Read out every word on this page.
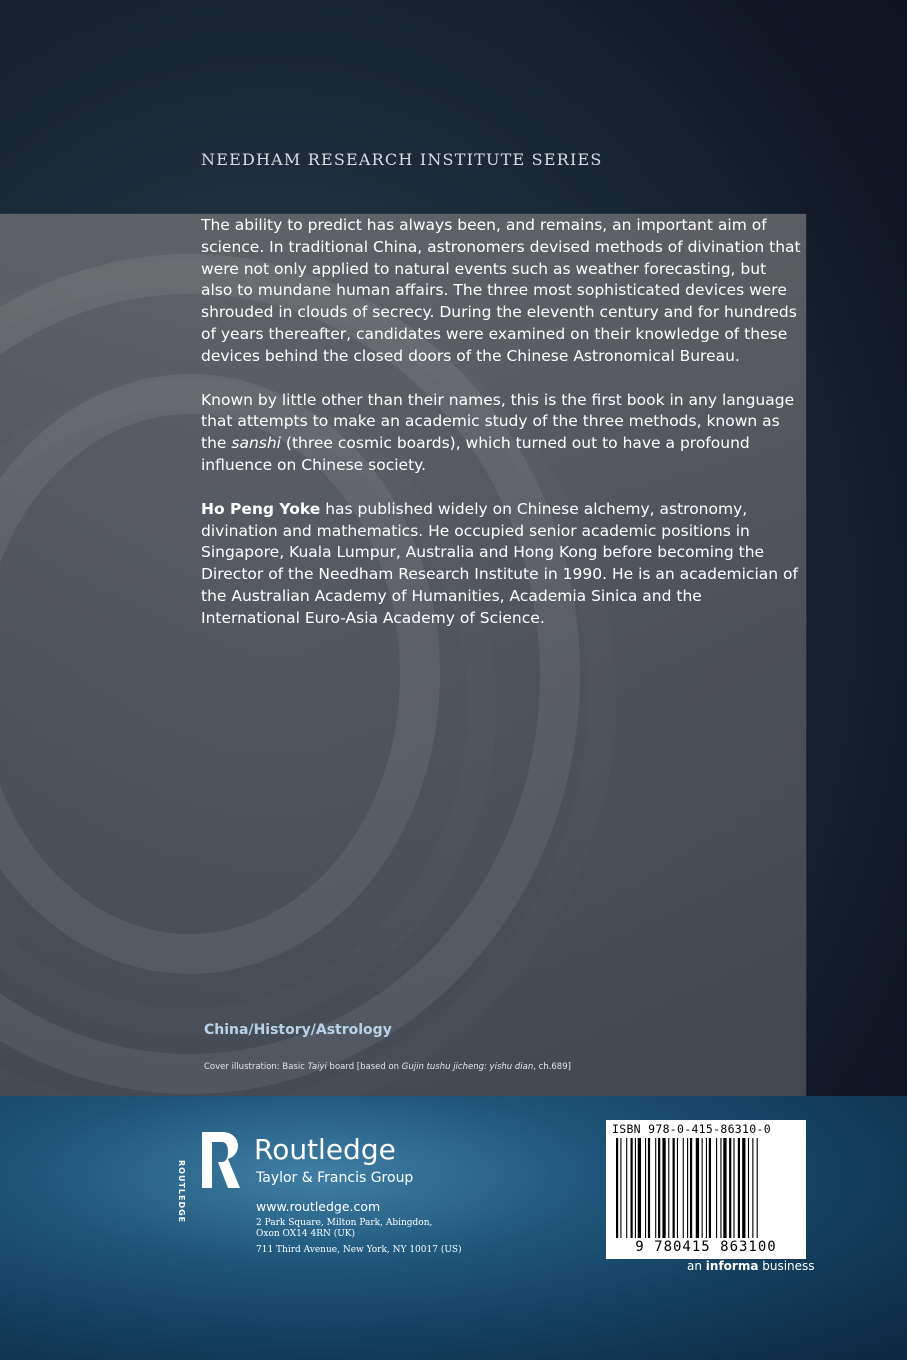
NEEDHAM RESEARCH INSTITUTE SERIES

The ability to predict has always been, and remains, an important aim of science. In traditional China, astronomers devised methods of divination that were not only applied to natural events such as weather forecasting, but also to mundane human affairs. The three most sophisticated devices were shrouded in clouds of secrecy. During the eleventh century and for hundreds of years thereafter, candidates were examined on their knowledge of these devices behind the closed doors of the Chinese Astronomical Bureau.

Known by little other than their names, this is the first book in any language that attempts to make an academic study of the three methods, known as the sanshi (three cosmic boards), which turned out to have a profound influence on Chinese society.

Ho Peng Yoke has published widely on Chinese alchemy, astronomy, divination and mathematics. He occupied senior academic positions in Singapore, Kuala Lumpur, Australia and Hong Kong before becoming the Director of the Needham Research Institute in 1990. He is an academician of the Australian Academy of Humanities, Academia Sinica and the International Euro-Asia Academy of Science.

China/History/Astrology
Cover illustration: Basic Taiyi board [based on Gujin tushu jicheng: yishu dian, ch.689]
ROUTLEDGE
Routledge
Taylor & Francis Group
www.routledge.com
2 Park Square, Milton Park, Abingdon,
Oxon OX14 4RN (UK)
711 Third Avenue, New York, NY 10017 (US)
ISBN 978-0-415-86310-0
9 780415 863100
an informa business
